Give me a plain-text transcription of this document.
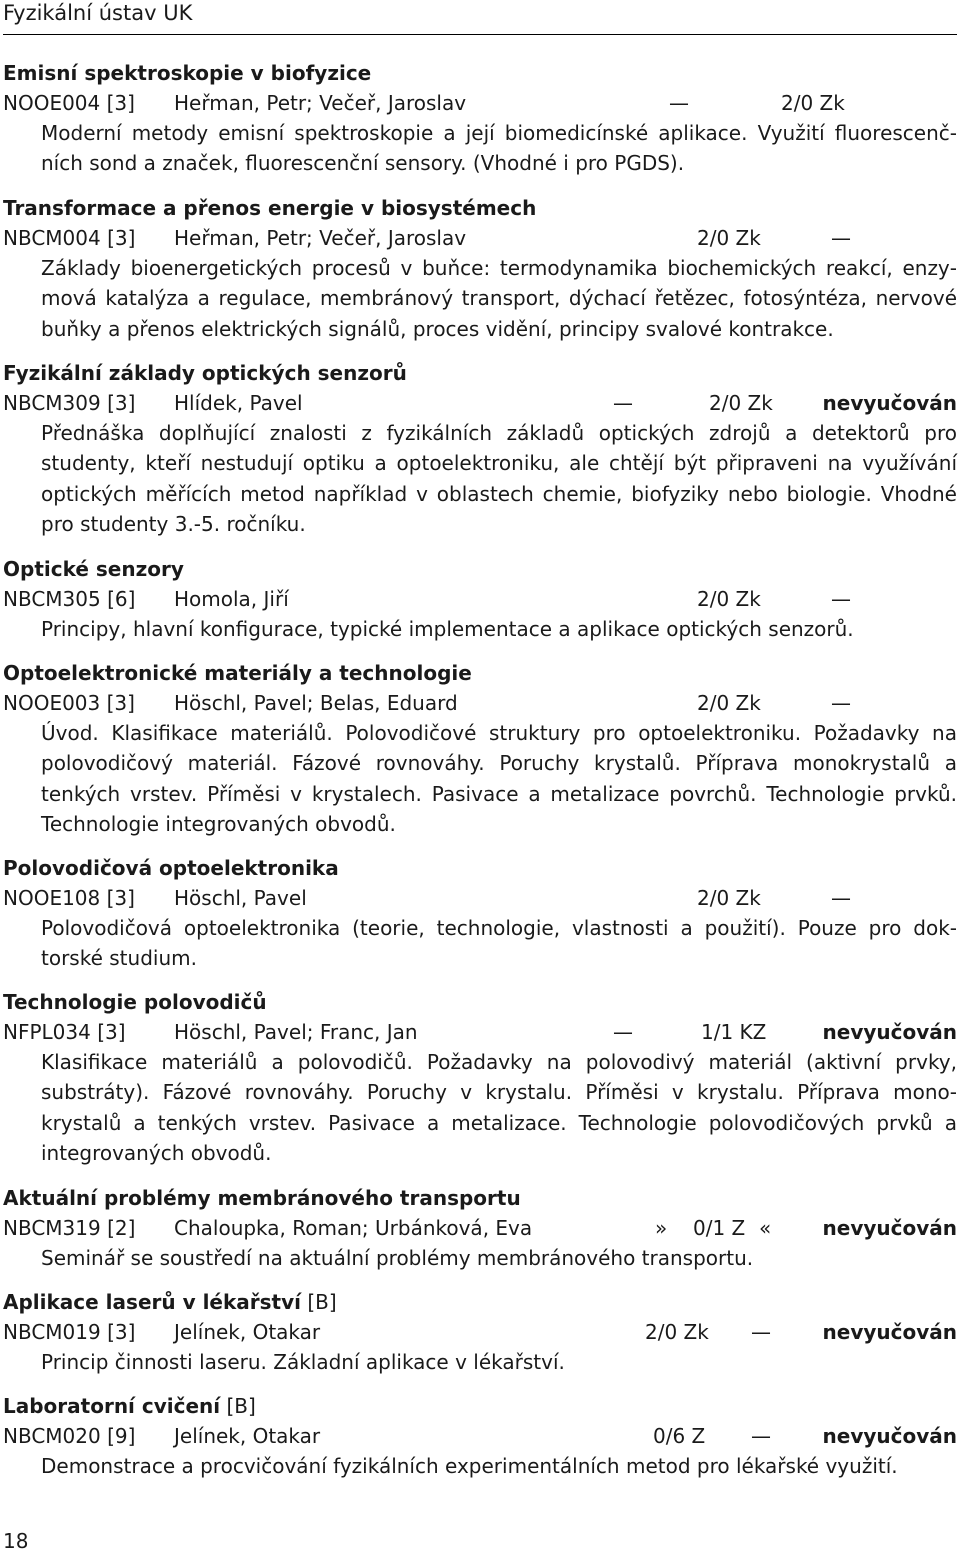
Fyzikální ústav UK
Emisní spektroskopie v biofyzice
NOOE004 [3] Heřman, Petr; Večeř, Jaroslav	—	2/0 Zk
Moderní metody emisní spektroskopie a její biomedicínské aplikace. Využití fluorescenčních sond a značek, fluorescenční sensory. (Vhodné i pro PGDS).
Transformace a přenos energie v biosystémech
NBCM004 [3] Heřman, Petr; Večeř, Jaroslav	2/0 Zk	—
Základy bioenergetických procesů v buňce: termodynamika biochemických reakcí, enzymová katalýza a regulace, membránový transport, dýchací řetězec, fotosýntéza, nervové buňky a přenos elektrických signálů, proces vidění, principy svalové kontrakce.
Fyzikální základy optických senzorů
NBCM309 [3] Hlídek, Pavel	—	2/0 Zk nevyučován
Přednáška doplňující znalosti z fyzikálních základů optických zdrojů a detektorů pro studenty, kteří nestudují optiku a optoelektroniku, ale chtějí být připraveni na využívání optických měřících metod například v oblastech chemie, biofyziky nebo biologie. Vhodné pro studenty 3.-5. ročníku.
Optické senzory
NBCM305 [6] Homola, Jiří	2/0 Zk	—
Principy, hlavní konfigurace, typické implementace a aplikace optických senzorů.
Optoelektronické materiály a technologie
NOOE003 [3] Höschl, Pavel; Belas, Eduard	2/0 Zk	—
Úvod. Klasifikace materiálů. Polovodičové struktury pro optoelektroniku. Požadavky na polovodičový materiál. Fázové rovnováhy. Poruchy krystalů. Příprava monokrystalů a tenkých vrstev. Příměsi v krystalech. Pasivace a metalizace povrchů. Technologie prvků. Technologie integrovaných obvodů.
Polovodičová optoelektronika
NOOE108 [3] Höschl, Pavel	2/0 Zk	—
Polovodičová optoelektronika (teorie, technologie, vlastnosti a použití). Pouze pro doktorské studium.
Technologie polovodičů
NFPL034 [3] Höschl, Pavel; Franc, Jan	—	1/1 KZ	nevyučován
Klasifikace materiálů a polovodičů. Požadavky na polovodivý materiál (aktivní prvky, substráty). Fázové rovnováhy. Poruchy v krystalu. Příměsi v krystalu. Příprava monokrystalů a tenkých vrstev. Pasivace a metalizace. Technologie polovodičových prvků a integrovaných obvodů.
Aktuální problémy membránového transportu
NBCM319 [2] Chaloupka, Roman; Urbánková, Eva	» 0/1 Z «	nevyučován
Seminář se soustředí na aktuální problémy membránového transportu.
Aplikace laserů v lékařství [B]
NBCM019 [3] Jelínek, Otakar	2/0 Zk —	nevyučován
Princip činnosti laseru. Základní aplikace v lékařství.
Laboratorní cvičení [B]
NBCM020 [9] Jelínek, Otakar	0/6 Z —	nevyučován
Demonstrace a procvičování fyzikálních experimentálních metod pro lékařské využití.
18
